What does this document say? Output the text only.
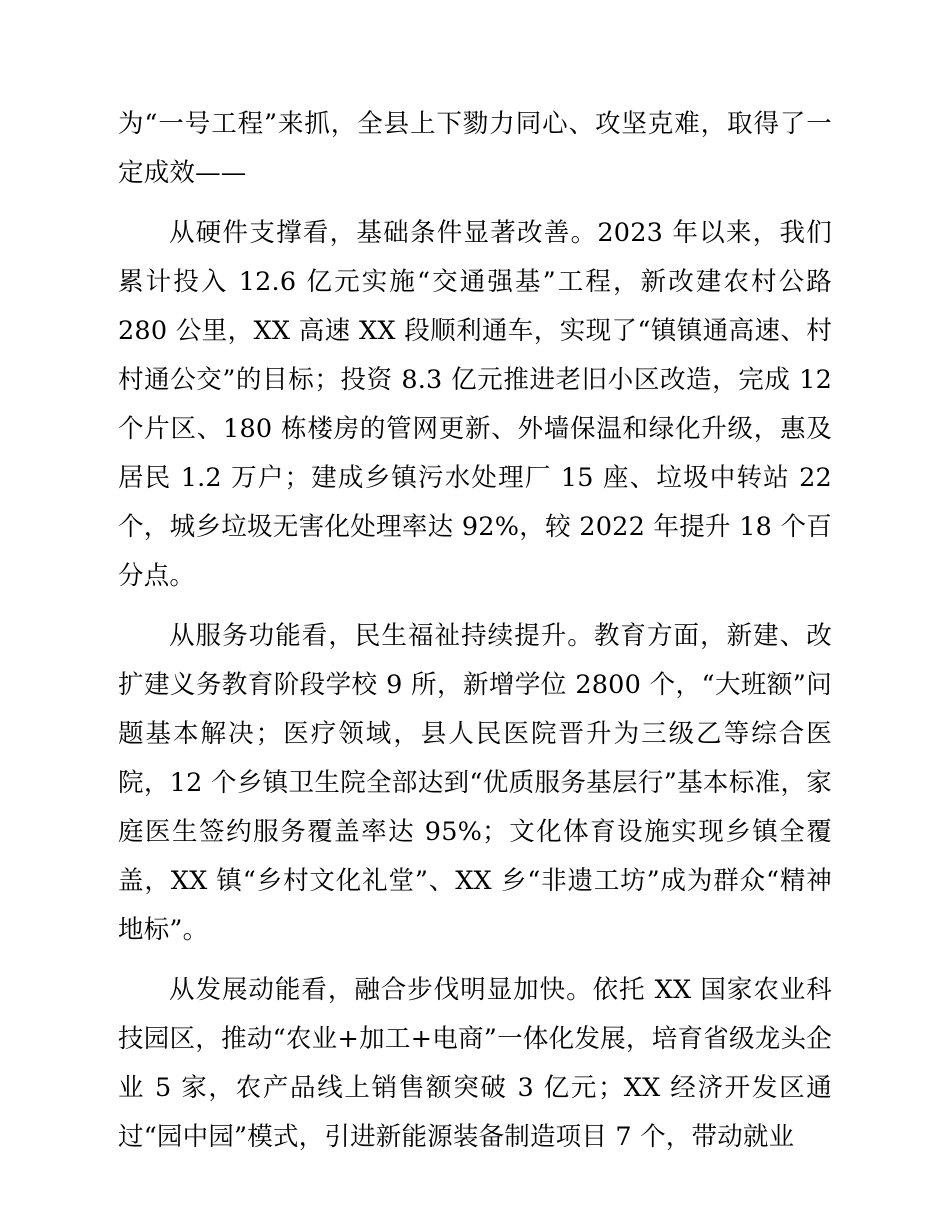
为“一号工程”来抓，全县上下勠力同心、攻坚克难，取得了一定成效——

从硬件支撑看，基础条件显著改善。2023 年以来，我们累计投入 12.6 亿元实施“交通强基”工程，新改建农村公路 280 公里，XX 高速 XX 段顺利通车，实现了“镇镇通高速、村村通公交”的目标；投资 8.3 亿元推进老旧小区改造，完成 12 个片区、180 栋楼房的管网更新、外墙保温和绿化升级，惠及居民 1.2 万户；建成乡镇污水处理厂 15 座、垃圾中转站 22 个，城乡垃圾无害化处理率达 92%，较 2022 年提升 18 个百分点。

从服务功能看，民生福祉持续提升。教育方面，新建、改扩建义务教育阶段学校 9 所，新增学位 2800 个，“大班额”问题基本解决；医疗领域，县人民医院晋升为三级乙等综合医院，12 个乡镇卫生院全部达到“优质服务基层行”基本标准，家庭医生签约服务覆盖率达 95%；文化体育设施实现乡镇全覆盖，XX 镇“乡村文化礼堂”、XX 乡“非遗工坊”成为群众“精神地标”。

从发展动能看，融合步伐明显加快。依托 XX 国家农业科技园区，推动“农业+加工+电商”一体化发展，培育省级龙头企业 5 家，农产品线上销售额突破 3 亿元；XX 经济开发区通过“园中园”模式，引进新能源装备制造项目 7 个，带动就业
